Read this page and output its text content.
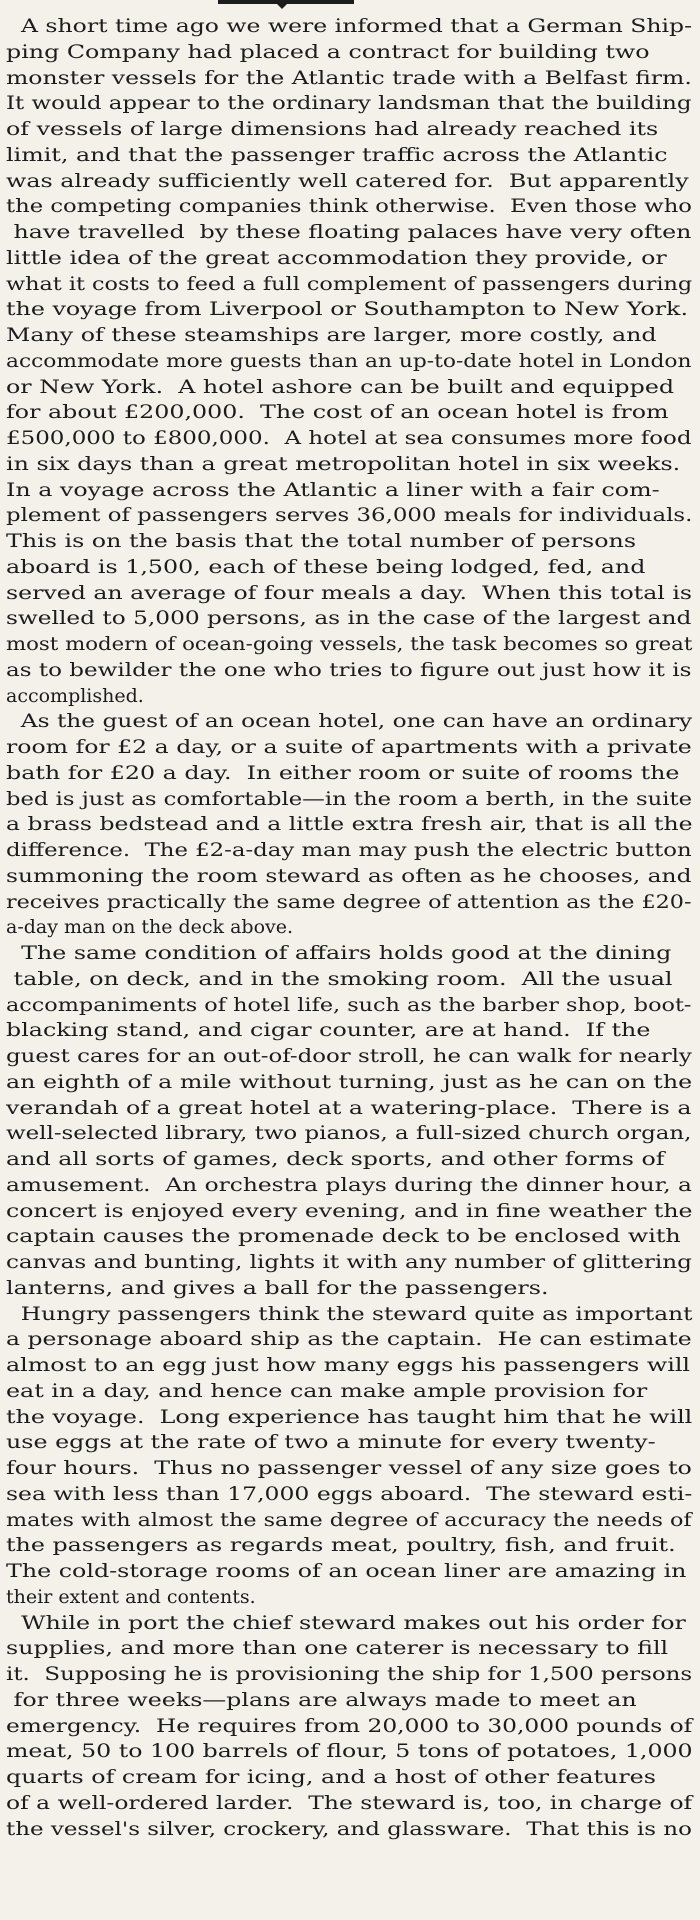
A short time ago we were informed that a German Ship-
ping Company had placed a contract for building two
monster vessels for the Atlantic trade with a Belfast firm.
It would appear to the ordinary landsman that the building
of vessels of large dimensions had already reached its
limit, and that the passenger traffic across the Atlantic
was already sufficiently well catered for.  But apparently
the competing companies think otherwise.  Even those who
have travelled  by these floating palaces have very often
little idea of the great accommodation they provide, or
what it costs to feed a full complement of passengers during
the voyage from Liverpool or Southampton to New York.
Many of these steamships are larger, more costly, and
accommodate more guests than an up-to-date hotel in London
or New York.  A hotel ashore can be built and equipped
for about £200,000.  The cost of an ocean hotel is from
£500,000 to £800,000.  A hotel at sea consumes more food
in six days than a great metropolitan hotel in six weeks.
In a voyage across the Atlantic a liner with a fair com-
plement of passengers serves 36,000 meals for individuals.
This is on the basis that the total number of persons
aboard is 1,500, each of these being lodged, fed, and
served an average of four meals a day.  When this total is
swelled to 5,000 persons, as in the case of the largest and
most modern of ocean-going vessels, the task becomes so great
as to bewilder the one who tries to figure out just how it is
accomplished.
As the guest of an ocean hotel, one can have an ordinary
room for £2 a day, or a suite of apartments with a private
bath for £20 a day.  In either room or suite of rooms the
bed is just as comfortable—in the room a berth, in the suite
a brass bedstead and a little extra fresh air, that is all the
difference.  The £2-a-day man may push the electric button
summoning the room steward as often as he chooses, and
receives practically the same degree of attention as the £20-
a-day man on the deck above.
The same condition of affairs holds good at the dining
table, on deck, and in the smoking room.  All the usual
accompaniments of hotel life, such as the barber shop, boot-
blacking stand, and cigar counter, are at hand.  If the
guest cares for an out-of-door stroll, he can walk for nearly
an eighth of a mile without turning, just as he can on the
verandah of a great hotel at a watering-place.  There is a
well-selected library, two pianos, a full-sized church organ,
and all sorts of games, deck sports, and other forms of
amusement.  An orchestra plays during the dinner hour, a
concert is enjoyed every evening, and in fine weather the
captain causes the promenade deck to be enclosed with
canvas and bunting, lights it with any number of glittering
lanterns, and gives a ball for the passengers.
Hungry passengers think the steward quite as important
a personage aboard ship as the captain.  He can estimate
almost to an egg just how many eggs his passengers will
eat in a day, and hence can make ample provision for
the voyage.  Long experience has taught him that he will
use eggs at the rate of two a minute for every twenty-
four hours.  Thus no passenger vessel of any size goes to
sea with less than 17,000 eggs aboard.  The steward esti-
mates with almost the same degree of accuracy the needs of
the passengers as regards meat, poultry, fish, and fruit.
The cold-storage rooms of an ocean liner are amazing in
their extent and contents.
While in port the chief steward makes out his order for
supplies, and more than one caterer is necessary to fill
it.  Supposing he is provisioning the ship for 1,500 persons
for three weeks—plans are always made to meet an
emergency.  He requires from 20,000 to 30,000 pounds of
meat, 50 to 100 barrels of flour, 5 tons of potatoes, 1,000
quarts of cream for icing, and a host of other features
of a well-ordered larder.  The steward is, too, in charge of
the vessel's silver, crockery, and glassware.  That this is no
